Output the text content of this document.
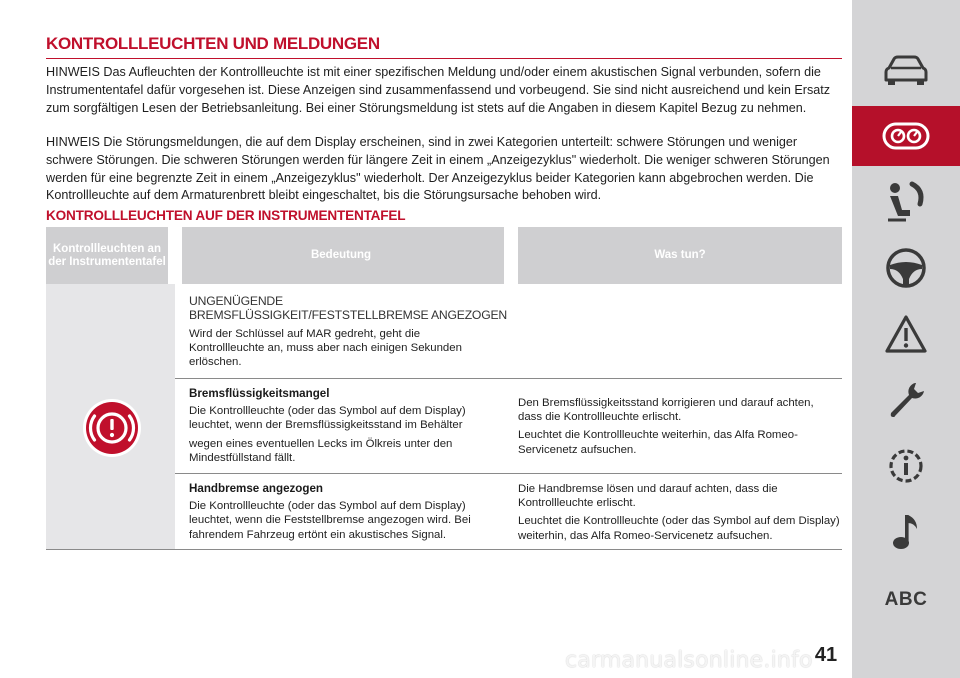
KONTROLLLEUCHTEN UND MELDUNGEN

HINWEIS Das Aufleuchten der Kontrollleuchte ist mit einer spezifischen Meldung und/oder einem akustischen Signal verbunden, sofern die Instrumententafel dafür vorgesehen ist. Diese Anzeigen sind zusammenfassend und vorbeugend. Sie sind nicht ausreichend und kein Ersatz zum sorgfältigen Lesen der Betriebsanleitung. Bei einer Störungsmeldung ist stets auf die Angaben in diesem Kapitel Bezug zu nehmen.

HINWEIS Die Störungsmeldungen, die auf dem Display erscheinen, sind in zwei Kategorien unterteilt: schwere Störungen und weniger schwere Störungen. Die schweren Störungen werden für längere Zeit in einem „Anzeigezyklus" wiederholt. Die weniger schweren Störungen werden für eine begrenzte Zeit in einem „Anzeigezyklus" wiederholt. Der Anzeigezyklus beider Kategorien kann abgebrochen werden. Die Kontrollleuchte auf dem Armaturenbrett bleibt eingeschaltet, bis die Störungsursache behoben wird.

KONTROLLLEUCHTEN AUF DER INSTRUMENTENTAFEL
Kontrollleuchten an der Instrumententafel
Bedeutung	Was tun?
UNGENÜGENDE BREMSFLÜSSIGKEIT/FESTSTELLBREMSE ANGEZOGEN

Wird der Schlüssel auf MAR gedreht, geht die Kontrollleuchte an, muss aber nach einigen Sekunden erlöschen.

Bremsflüssigkeitsmangel

Die Kontrollleuchte (oder das Symbol auf dem Display) leuchtet, wenn der Bremsflüssigkeitsstand im Behälter

wegen eines eventuellen Lecks im Ölkreis unter den Mindestfüllstand fällt.

Den Bremsflüssigkeitsstand korrigieren und darauf achten, dass die Kontrollleuchte erlischt.

Leuchtet die Kontrollleuchte weiterhin, das Alfa Romeo-Servicenetz aufsuchen.

Handbremse angezogen

Die Kontrollleuchte (oder das Symbol auf dem Display) leuchtet, wenn die Feststellbremse angezogen wird. Bei fahrendem Fahrzeug ertönt ein akustisches Signal.

Die Handbremse lösen und darauf achten, dass die Kontrollleuchte erlischt.

Leuchtet die Kontrollleuchte (oder das Symbol auf dem Display) weiterhin, das Alfa Romeo-Servicenetz aufsuchen.

41
ABC
carmanualsonline.info
